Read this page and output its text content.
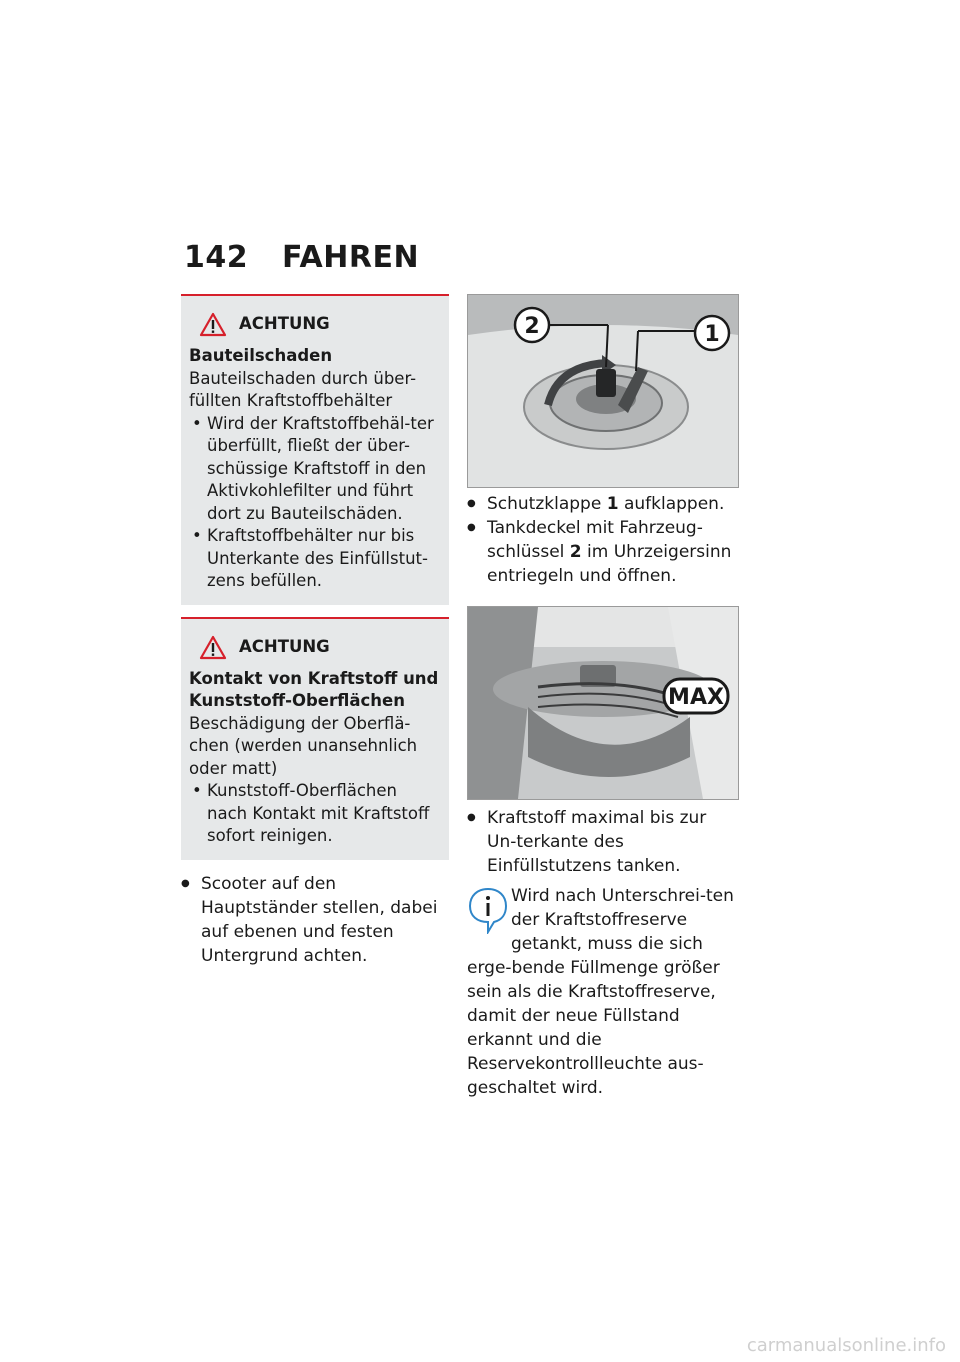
142 FAHREN
ACHTUNG
Bauteilschaden
Bauteilschaden durch über-füllten Kraftstoffbehälter
• Wird der Kraftstoffbehäl-ter überfüllt, fließt der über-schüssige Kraftstoff in den Aktivkohlefilter und führt dort zu Bauteilschäden.
• Kraftstoffbehälter nur bis Unterkante des Einfüllstut-zens befüllen.
ACHTUNG
Kontakt von Kraftstoff und Kunststoff-Oberflächen
Beschädigung der Oberflä-chen (werden unansehnlich oder matt)
• Kunststoff-Oberflächen nach Kontakt mit Kraftstoff sofort reinigen.
● Scooter auf den Hauptständer stellen, dabei auf ebenen und festen Untergrund achten.
2	1
● Schutzklappe 1 aufklappen.
● Tankdeckel mit Fahrzeug-schlüssel 2 im Uhrzeigersinn entriegeln und öffnen.
MAX
● Kraftstoff maximal bis zur Un-terkante des Einfüllstutzens tanken.
Wird nach Unterschrei-ten der Kraftstoffreserve getankt, muss die sich erge-bende Füllmenge größer sein als die Kraftstoffreserve, damit der neue Füllstand erkannt und die Reservekontrollleuchte aus-geschaltet wird.
carmanualsonline.info
